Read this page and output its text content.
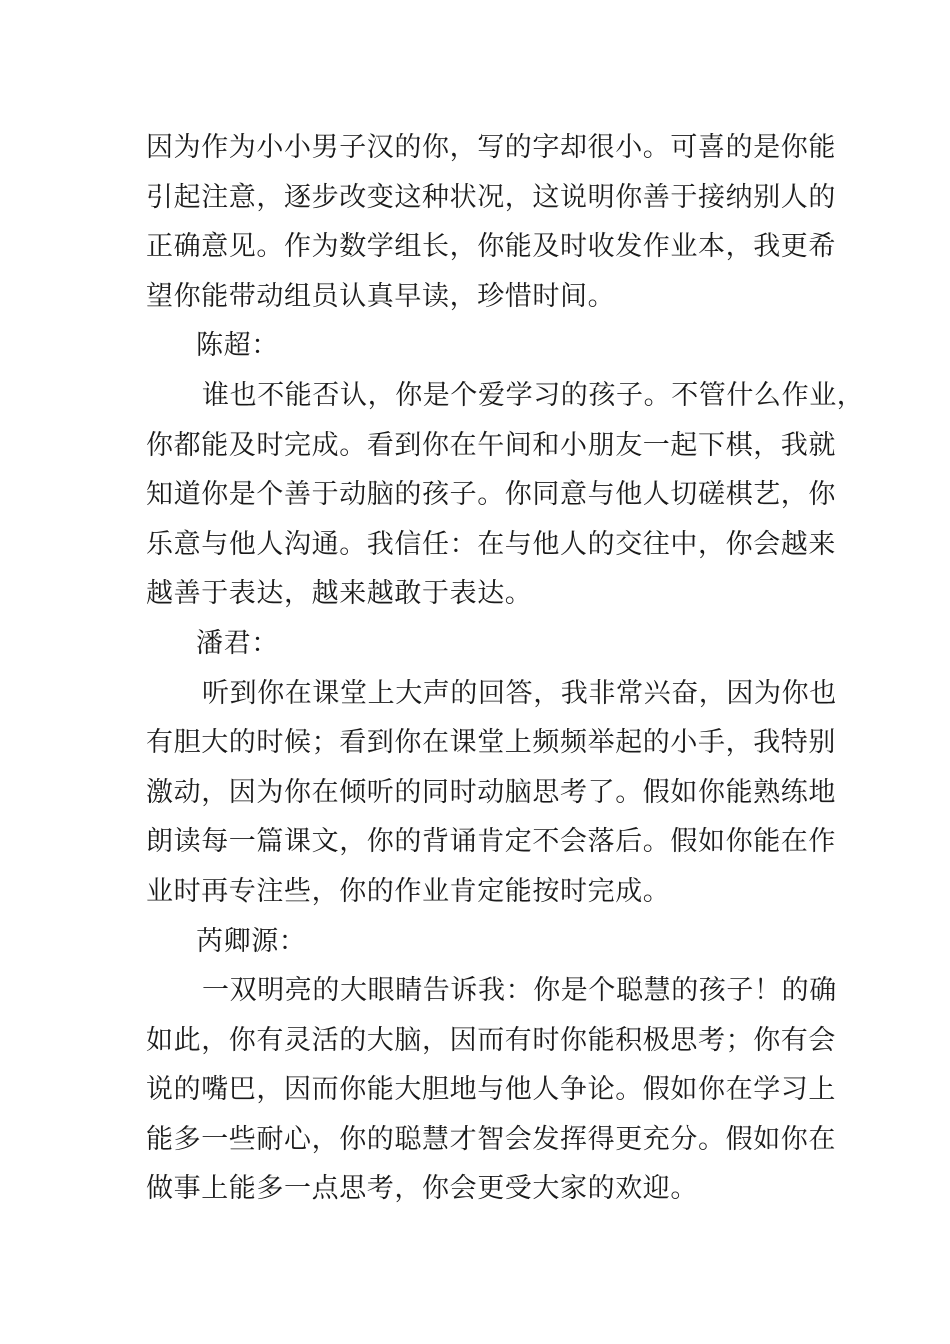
因为作为小小男子汉的你，写的字却很小。可喜的是你能
引起注意，逐步改变这种状况，这说明你善于接纳别人的
正确意见。作为数学组长，你能及时收发作业本，我更希
望你能带动组员认真早读，珍惜时间。

陈超：

谁也不能否认，你是个爱学习的孩子。不管什么作业，
你都能及时完成。看到你在午间和小朋友一起下棋，我就
知道你是个善于动脑的孩子。你同意与他人切磋棋艺，你
乐意与他人沟通。我信任：在与他人的交往中，你会越来
越善于表达，越来越敢于表达。

潘君：

听到你在课堂上大声的回答，我非常兴奋，因为你也
有胆大的时候；看到你在课堂上频频举起的小手，我特别
激动，因为你在倾听的同时动脑思考了。假如你能熟练地
朗读每一篇课文，你的背诵肯定不会落后。假如你能在作
业时再专注些，你的作业肯定能按时完成。

芮卿源：

一双明亮的大眼睛告诉我：你是个聪慧的孩子！的确
如此，你有灵活的大脑，因而有时你能积极思考；你有会
说的嘴巴，因而你能大胆地与他人争论。假如你在学习上
能多一些耐心，你的聪慧才智会发挥得更充分。假如你在
做事上能多一点思考，你会更受大家的欢迎。
